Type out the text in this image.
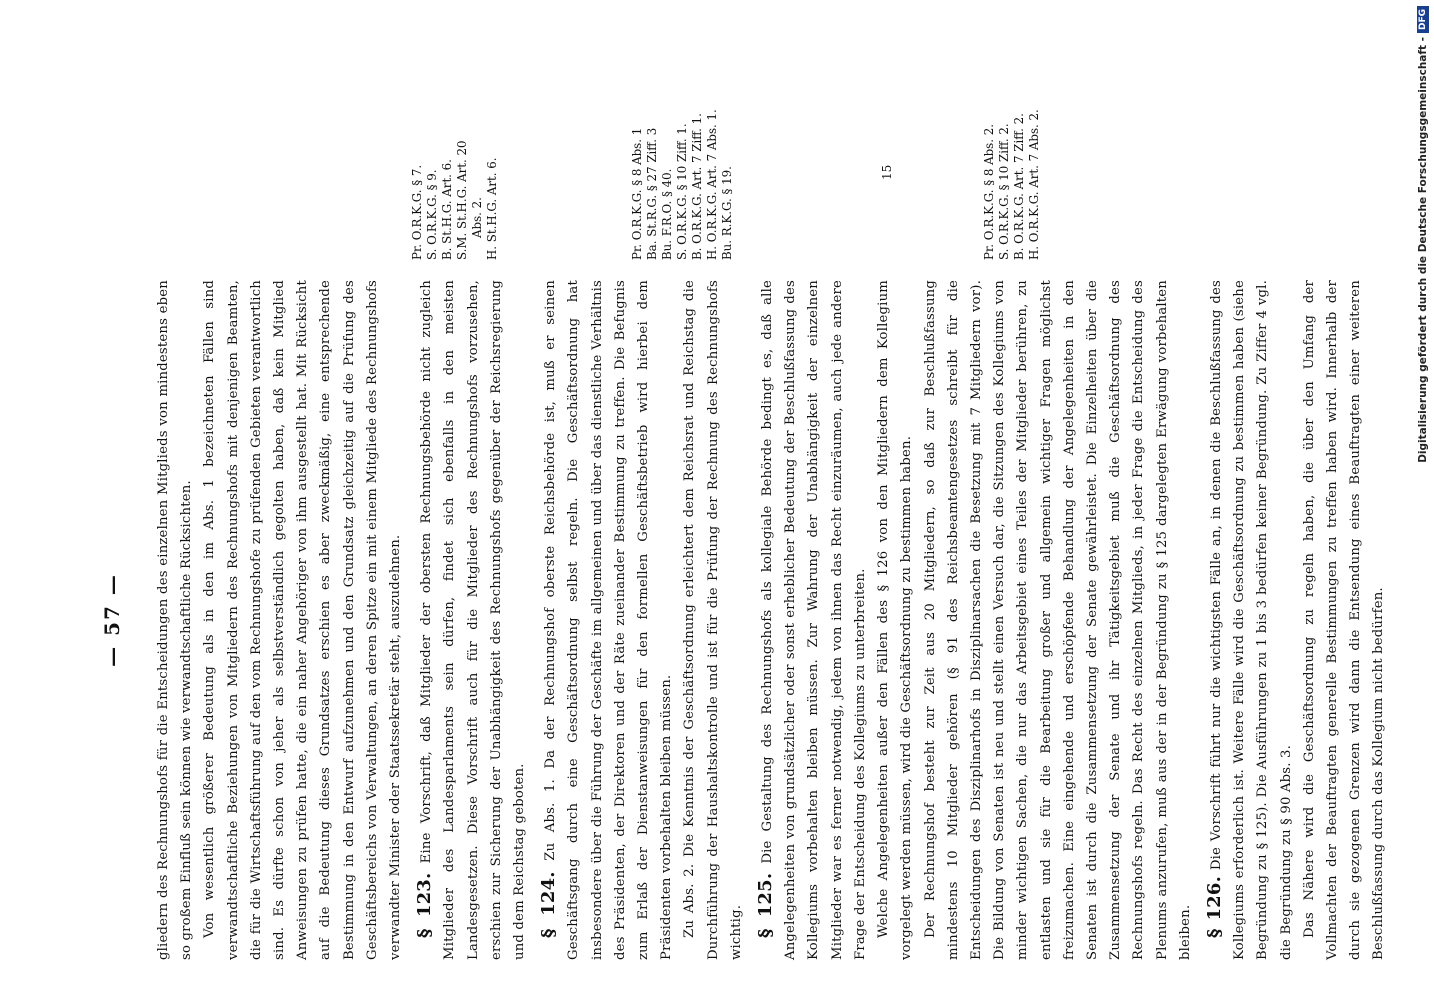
— 57 —	gliedern des Rechnungshofs für die Entscheidungen des einzelnen Mitglieds von mindestens eben so großem Einfluß sein können wie verwandtschaftliche Rücksichten. Von wesentlich größerer Bedeutung als in den im Abs. 1 bezeichneten Fällen sind verwandtschaftliche Beziehungen von Mitgliedern des Rechnungshofs mit denjenigen Beamten, die für die Wirtschaftsführung auf den vom Rechnungshofe zu prüfenden Gebieten verantwortlich sind. Es dürfte schon von jeher als selbstverständlich gegolten haben, daß kein Mitglied Anweisungen zu prüfen hatte, die ein naher Angehöriger von ihm ausgestellt hat. Mit Rücksicht auf die Bedeutung dieses Grundsatzes erschien es aber zweckmäßig, eine entsprechende Bestimmung in den Entwurf aufzunehmen und den Grundsatz gleichzeitig auf die Prüfung des Geschäftsbereichs von Verwaltungen, an deren Spitze ein mit einem Mitgliede des Rechnungshofs verwandter Minister oder Staatssekretär steht, auszudehnen. § 123. Eine Vorschrift, daß Mitglieder der obersten Rechnungsbehörde nicht zugleich Mitglieder des Landesparlaments sein dürfen, findet sich ebenfalls in den meisten Landesgesetzen. Diese Vorschrift auch für die Mitglieder des Rechnungshofs vorzusehen, erschien zur Sicherung der Unabhängigkeit des Rechnungshofs gegenüber der Reichsregierung und dem Reichstag geboten. § 124. Zu Abs. 1. Da der Rechnungshof oberste Reichsbehörde ist, muß er seinen Geschäftsgang durch eine Geschäftsordnung selbst regeln. Die Geschäftsordnung hat insbesondere über die Führung der Geschäfte im allgemeinen und über das dienstliche Verhältnis des Präsidenten, der Direktoren und der Räte zueinander Bestimmung zu treffen. Die Befugnis zum Erlaß der Dienstanweisungen für den formellen Geschäftsbetrieb wird hierbei dem Präsidenten vorbehalten bleiben müssen. Zu Abs. 2. Die Kenntnis der Geschäftsordnung erleichtert dem Reichsrat und Reichstag die Durchführung der Haushaltskontrolle und ist für die Prüfung der Rechnung des Rechnungshofs wichtig. § 125. Die Gestaltung des Rechnungshofs als kollegiale Behörde bedingt es, daß alle Angelegenheiten von grundsätzlicher oder sonst erheblicher Bedeutung der Beschlußfassung des Kollegiums vorbehalten bleiben müssen. Zur Wahrung der Unabhängigkeit der einzelnen Mitglieder war es ferner notwendig, jedem von ihnen das Recht einzuräumen, auch jede andere Frage der Entscheidung des Kollegiums zu unterbreiten. Welche Angelegenheiten außer den Fällen des § 126 von den Mitgliedern dem Kollegium vorgelegt werden müssen, wird die Geschäftsordnung zu bestimmen haben. Der Rechnungshof besteht zur Zeit aus 20 Mitgliedern, so daß zur Beschlußfassung mindestens 10 Mitglieder gehören (§ 91 des Reichsbeamtengesetzes schreibt für die Entscheidungen des Disziplinarhofs in Disziplinarsachen die Besetzung mit 7 Mitgliedern vor). Die Bildung von Senaten ist neu und stellt einen Versuch dar, die Sitzungen des Kollegiums von minder wichtigen Sachen, die nur das Arbeitsgebiet eines Teiles der Mitglieder berühren, zu entlasten und sie für die Bearbeitung großer und allgemein wichtiger Fragen möglichst freizumachen. Eine eingehende und erschöpfende Behandlung der Angelegenheiten in den Senaten ist durch die Zusammensetzung der Senate gewährleistet. Die Einzelheiten über die Zusammensetzung der Senate und ihr Tätigkeitsgebiet muß die Geschäftsordnung des Rechnungshofs regeln. Das Recht des einzelnen Mitglieds, in jeder Frage die Entscheidung des Plenums anzurufen, muß aus der in der Begründung zu § 125 dargelegten Erwägung vorbehalten bleiben. § 126. Die Vorschrift führt nur die wichtigsten Fälle an, in denen die Beschlußfassung des Kollegiums erforderlich ist. Weitere Fälle wird die Geschäftsordnung zu bestimmen haben (siehe Begründung zu § 125). Die Ausführungen zu 1 bis 3 bedürfen keiner Begründung. Zu Ziffer 4 vgl. die Begründung zu § 90 Abs. 3. Das Nähere wird die Geschäftsordnung zu regeln haben, die über den Umfang der Vollmachten der Beauftragten generelle Bestimmungen zu treffen haben wird. Innerhalb der durch sie gezogenen Grenzen wird dann die Entsendung eines Beauftragten einer weiteren Beschlußfassung durch das Kollegium nicht bedürfen.

Pr. O.R.K.G. § 7. S. O.R.K.G. § 9. B. St.H.G. Art. 6. S.M. St.H.G. Art. 20 Abs. 2. H. St.H.G. Art. 6.	Pr. O.R.K.G. § 8 Abs. 1 Ba. St.R.G. § 27 Ziff. 3 Bu. F.R.O. § 40. S. O.R.K.G. § 10 Ziff. 1. B. O.R.K.G. Art. 7 Ziff. 1. H. O.R.K.G. Art. 7 Abs. 1. Bu. R.K.G. § 19.	Pr. O.R.K.G. § 8 Abs. 2. S. O.R.K.G. § 10 Ziff. 2. B. O.R.K.G. Art. 7 Ziff. 2. H. O.R.K.G. Art. 7 Abs. 2.
15	Digitalisierung gefördert durch die Deutsche Forschungsgemeinschaft -
DFG
